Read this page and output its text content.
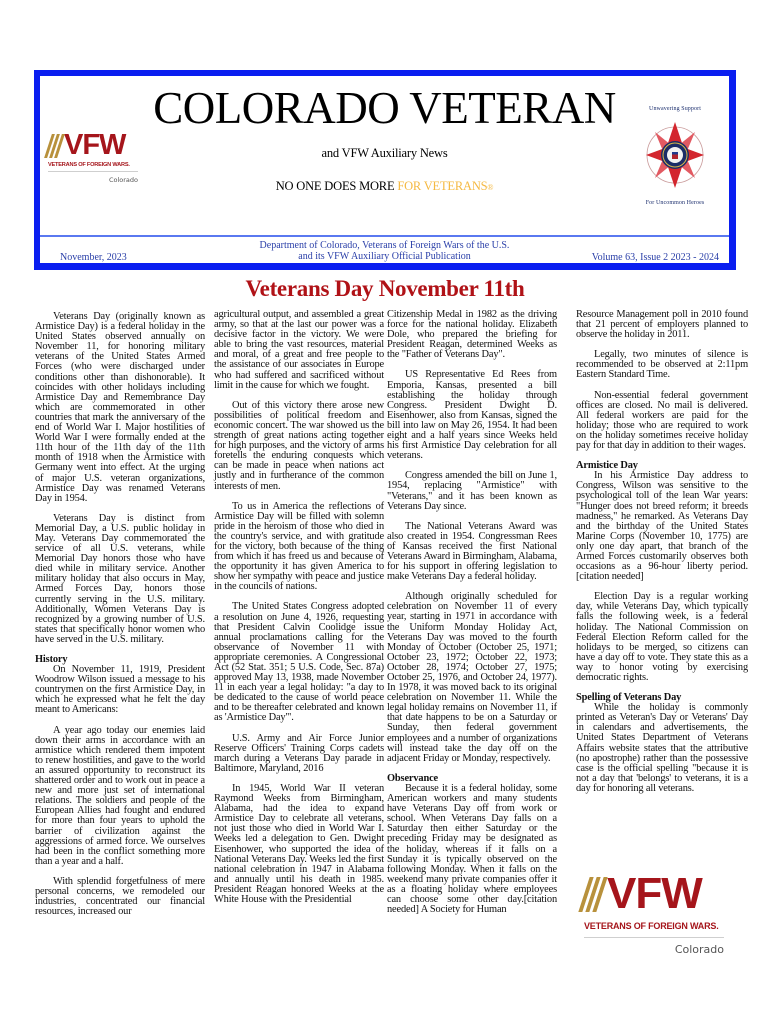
VFW
VETERANS OF FOREIGN WARS.
Colorado
COLORADO VETERAN
and VFW Auxiliary News
NO ONE DOES MORE FOR VETERANS®
Unwavering Support
For Uncommon Heroes
November, 2023
Department of Colorado, Veterans of Foreign Wars of the U.S.
and its VFW Auxiliary Official Publication	Volume 63, Issue 2 2023 - 2024
Veterans Day November 11th

Veterans Day (originally known as Armistice Day) is a federal holiday in the United States observed annually on November 11, for honoring military veterans of the United States Armed Forces (who were discharged under conditions other than dishonorable). It coincides with other holidays including Armistice Day and Remembrance Day which are commemorated in other countries that mark the anniversary of the end of World War I. Major hostilities of World War I were formally ended at the 11th hour of the 11th day of the 11th month of 1918 when the Armistice with Germany went into effect. At the urging of major U.S. veteran organizations, Armistice Day was renamed Veterans Day in 1954.

Veterans Day is distinct from Memorial Day, a U.S. public holiday in May. Veterans Day commemorated the service of all U.S. veterans, while Memorial Day honors those who have died while in military service. Another military holiday that also occurs in May, Armed Forces Day, honors those currently serving in the U.S. military. Additionally, Women Veterans Day is recognized by a growing number of U.S. states that specifically honor women who have served in the U.S. military.

History

On November 11, 1919, President Woodrow Wilson issued a message to his countrymen on the first Armistice Day, in which he expressed what he felt the day meant to Americans:

A year ago today our enemies laid down their arms in accordance with an armistice which rendered them impotent to renew hostilities, and gave to the world an assured opportunity to reconstruct its shattered order and to work out in peace a new and more just set of international relations. The soldiers and people of the European Allies had fought and endured for more than four years to uphold the barrier of civilization against the aggressions of armed force. We ourselves had been in the conflict something more than a year and a half.

With splendid forgetfulness of mere personal concerns, we remodeled our industries, concentrated our financial resources, increased our

agricultural output, and assembled a great army, so that at the last our power was a decisive factor in the victory. We were able to bring the vast resources, material and moral, of a great and free people to the assistance of our associates in Europe who had suffered and sacrificed without limit in the cause for which we fought.

Out of this victory there arose new possibilities of political freedom and economic concert. The war showed us the strength of great nations acting together for high purposes, and the victory of arms foretells the enduring conquests which can be made in peace when nations act justly and in furtherance of the common interests of men.

To us in America the reflections of Armistice Day will be filled with solemn pride in the heroism of those who died in the country's service, and with gratitude for the victory, both because of the thing from which it has freed us and because of the opportunity it has given America to show her sympathy with peace and justice in the councils of nations.

The United States Congress adopted a resolution on June 4, 1926, requesting that President Calvin Coolidge issue annual proclamations calling for the observance of November 11 with appropriate ceremonies. A Congressional Act (52 Stat. 351; 5 U.S. Code, Sec. 87a) approved May 13, 1938, made November 11 in each year a legal holiday: "a day to be dedicated to the cause of world peace and to be thereafter celebrated and known as 'Armistice Day'".

U.S. Army and Air Force Junior Reserve Officers' Training Corps cadets march during a Veterans Day parade in Baltimore, Maryland, 2016

In 1945, World War II veteran Raymond Weeks from Birmingham, Alabama, had the idea to expand Armistice Day to celebrate all veterans, not just those who died in World War I. Weeks led a delegation to Gen. Dwight Eisenhower, who supported the idea of National Veterans Day. Weeks led the first national celebration in 1947 in Alabama and annually until his death in 1985. President Reagan honored Weeks at the White House with the Presidential

Citizenship Medal in 1982 as the driving force for the national holiday. Elizabeth Dole, who prepared the briefing for President Reagan, determined Weeks as the "Father of Veterans Day".

US Representative Ed Rees from Emporia, Kansas, presented a bill establishing the holiday through Congress. President Dwight D. Eisenhower, also from Kansas, signed the bill into law on May 26, 1954. It had been eight and a half years since Weeks held his first Armistice Day celebration for all veterans.

Congress amended the bill on June 1, 1954, replacing "Armistice" with "Veterans," and it has been known as Veterans Day since.

The National Veterans Award was also created in 1954. Congressman Rees of Kansas received the first National Veterans Award in Birmingham, Alabama, for his support in offering legislation to make Veterans Day a federal holiday.

Although originally scheduled for celebration on November 11 of every year, starting in 1971 in accordance with the Uniform Monday Holiday Act, Veterans Day was moved to the fourth Monday of October (October 25, 1971; October 23, 1972; October 22, 1973; October 28, 1974; October 27, 1975; October 25, 1976, and October 24, 1977). In 1978, it was moved back to its original celebration on November 11. While the legal holiday remains on November 11, if that date happens to be on a Saturday or Sunday, then federal government employees and a number of organizations will instead take the day off on the adjacent Friday or Monday, respectively.

Observance

Because it is a federal holiday, some American workers and many students have Veterans Day off from work or school. When Veterans Day falls on a Saturday then either Saturday or the preceding Friday may be designated as the holiday, whereas if it falls on a Sunday it is typically observed on the following Monday. When it falls on the weekend many private companies offer it as a floating holiday where employees can choose some other day.[citation needed] A Society for Human

Resource Management poll in 2010 found that 21 percent of employers planned to observe the holiday in 2011.

Legally, two minutes of silence is recommended to be observed at 2:11pm Eastern Standard Time.

Non-essential federal government offices are closed. No mail is delivered. All federal workers are paid for the holiday; those who are required to work on the holiday sometimes receive holiday pay for that day in addition to their wages.

Armistice Day

In his Armistice Day address to Congress, Wilson was sensitive to the psychological toll of the lean War years: "Hunger does not breed reform; it breeds madness," he remarked. As Veterans Day and the birthday of the United States Marine Corps (November 10, 1775) are only one day apart, that branch of the Armed Forces customarily observes both occasions as a 96-hour liberty period.[citation needed]

Election Day is a regular working day, while Veterans Day, which typically falls the following week, is a federal holiday. The National Commission on Federal Election Reform called for the holidays to be merged, so citizens can have a day off to vote. They state this as a way to honor voting by exercising democratic rights.

Spelling of Veterans Day

While the holiday is commonly printed as Veteran's Day or Veterans' Day in calendars and advertisements, the United States Department of Veterans Affairs website states that the attributive (no apostrophe) rather than the possessive case is the official spelling "because it is not a day that 'belongs' to veterans, it is a day for honoring all veterans.

VFW
VETERANS OF FOREIGN WARS.
Colorado
